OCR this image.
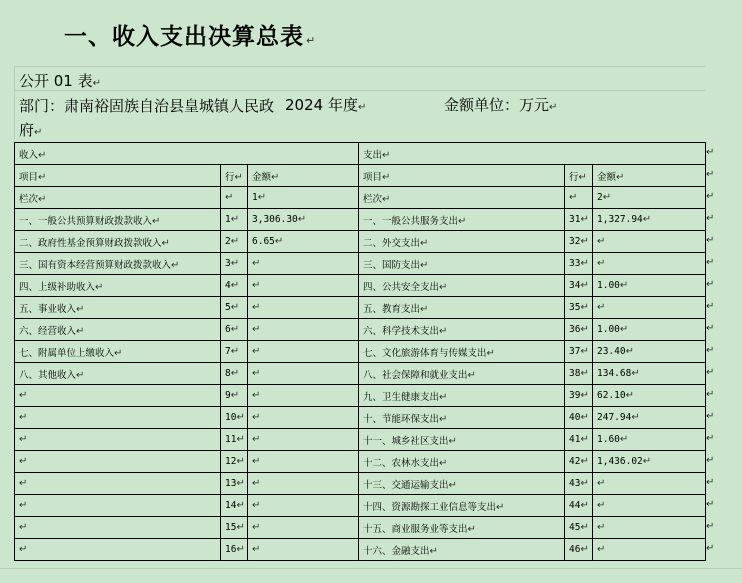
一、收入支出决算总表 ↵
公开 01 表↵
部门：肃南裕固族自治县皇城镇人民政府↵
2024 年度↵	金额单位：万元↵
收入↵			支出↵		
项目↵	行↵	金额↵	项目↵	行↵	金额↵
栏次↵	↵	1↵	栏次↵	↵	2↵
一、一般公共预算财政拨款收入↵	1↵	3,306.30↵	一、一般公共服务支出↵	31↵	1,327.94↵
二、政府性基金预算财政拨款收入↵	2↵	6.65↵	二、外交支出↵	32↵	↵
三、国有资本经营预算财政拨款收入↵	3↵	↵	三、国防支出↵	33↵	↵
四、上级补助收入↵	4↵	↵	四、公共安全支出↵	34↵	1.00↵
五、事业收入↵	5↵	↵	五、教育支出↵	35↵	↵
六、经营收入↵	6↵	↵	六、科学技术支出↵	36↵	1.00↵
七、附属单位上缴收入↵	7↵	↵	七、文化旅游体育与传媒支出↵	37↵	23.40↵
八、其他收入↵	8↵	↵	八、社会保障和就业支出↵	38↵	134.68↵
↵	9↵	↵	九、卫生健康支出↵	39↵	62.10↵
↵	10↵	↵	十、节能环保支出↵	40↵	247.94↵
↵	11↵	↵	十一、城乡社区支出↵	41↵	1.60↵
↵	12↵	↵	十二、农林水支出↵	42↵	1,436.02↵
↵	13↵	↵	十三、交通运输支出↵	43↵	↵
↵	14↵	↵	十四、资源勘探工业信息等支出↵	44↵	↵
↵	15↵	↵	十五、商业服务业等支出↵	45↵	↵
↵	16↵	↵	十六、金融支出↵	46↵	↵
↵
↵
↵
↵
↵
↵
↵
↵
↵
↵
↵
↵
↵
↵
↵
↵
↵
↵
↵
